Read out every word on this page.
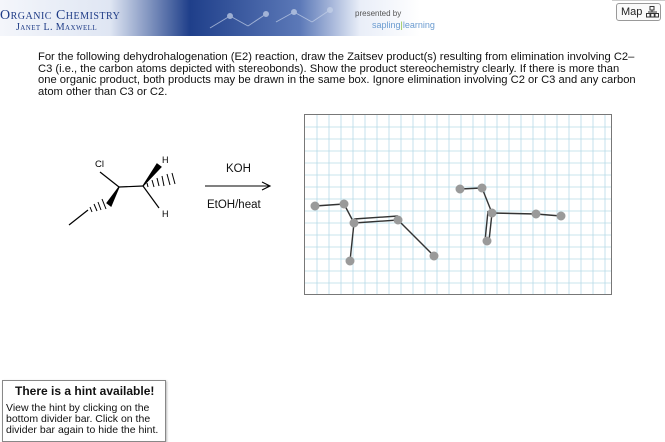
Organic Chemistry
Janet L. Maxwell
presented by
sapling|learning
Map
For the following dehydrohalogenation (E2) reaction, draw the Zaitsev product(s) resulting from elimination involving C2–C3 (i.e., the carbon atoms depicted with stereobonds). Show the product stereochemistry clearly. If there is more than one organic product, both products may be drawn in the same box. Ignore elimination involving C2 or C3 and any carbon atom other than C3 or C2.
Cl	H
H
KOH
EtOH/heat
There is a hint available!
View the hint by clicking on the bottom divider bar. Click on the divider bar again to hide the hint.
